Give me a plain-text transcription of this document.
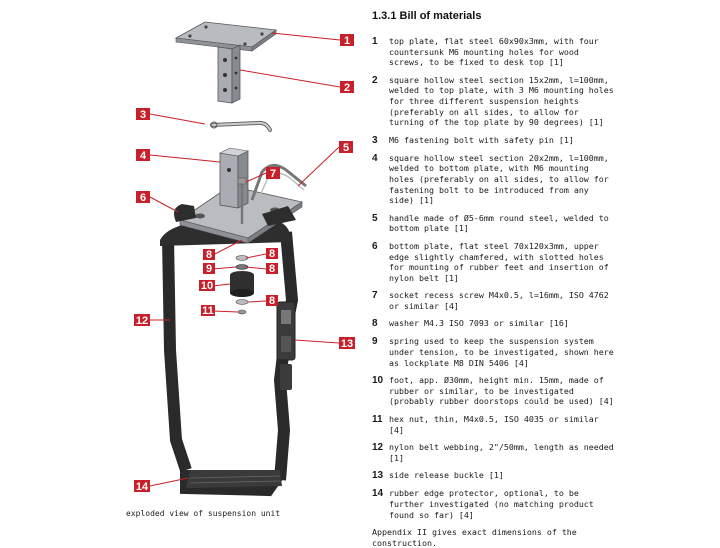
1
2
3
4
5
6
7
8	8
9	8
10
8
11
12
13
14
exploded view of suspension unit
1.3.1 Bill of materials
1	top plate, flat steel 60x90x3mm, with four countersunk M6 mounting holes for wood screws, to be fixed to desk top [1]
2	square hollow steel section 15x2mm, l=100mm, welded to top plate, with 3 M6 mounting holes for three different suspension heights (preferably on all sides, to allow for turning of the top plate by 90 degrees) [1]
3	M6 fastening bolt with safety pin [1]
4	square hollow steel section 20x2mm, l=100mm, welded to bottom plate, with M6 mounting holes (preferably on all sides, to allow for fastening bolt to be introduced from any side) [1]
5	handle made of Ø5-6mm round steel, welded to bottom plate [1]
6	bottom plate, flat steel 70x120x3mm, upper edge slightly chamfered, with slotted holes for mounting of rubber feet and insertion of nylon belt [1]
7	socket recess screw M4x0.5, l=16mm, ISO 4762 or similar [4]
8	washer M4.3 ISO 7093 or similar [16]
9	spring used to keep the suspension system under tension, to be investigated, shown here as lockplate M8 DIN 5406 [4]
10 foot, app. Ø30mm, height min. 15mm, made of rubber or similar, to be investigated (probably rubber doorstops could be used) [4]
11 hex nut, thin, M4x0.5, ISO 4035 or similar [4]
12 nylon belt webbing, 2"/50mm, length as needed [1]
13 side release buckle [1]
14 rubber edge protector, optional, to be further investigated (no matching product found so far) [4]
Appendix II gives exact dimensions of the construction.
